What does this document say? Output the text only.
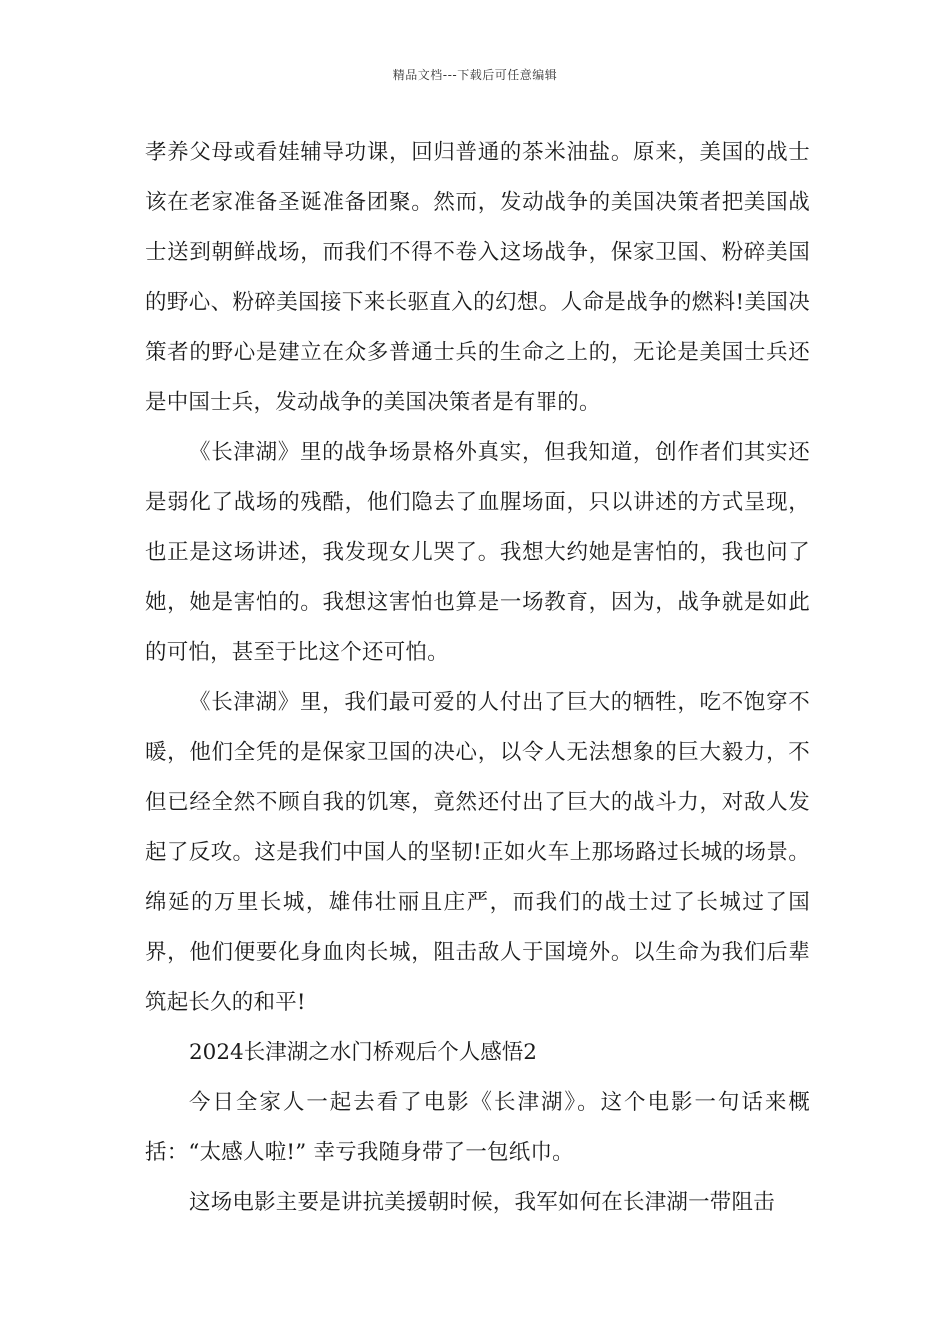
精品文档---下载后可任意编辑

孝养父母或看娃辅导功课，回归普通的茶米油盐。原来，美国的战士该在老家准备圣诞准备团聚。然而，发动战争的美国决策者把美国战士送到朝鲜战场，而我们不得不卷入这场战争，保家卫国、粉碎美国的野心、粉碎美国接下来长驱直入的幻想。人命是战争的燃料!美国决策者的野心是建立在众多普通士兵的生命之上的，无论是美国士兵还是中国士兵，发动战争的美国决策者是有罪的。

《长津湖》里的战争场景格外真实，但我知道，创作者们其实还是弱化了战场的残酷，他们隐去了血腥场面，只以讲述的方式呈现，也正是这场讲述，我发现女儿哭了。我想大约她是害怕的，我也问了她，她是害怕的。我想这害怕也算是一场教育，因为，战争就是如此的可怕，甚至于比这个还可怕。

《长津湖》里，我们最可爱的人付出了巨大的牺牲，吃不饱穿不暖，他们全凭的是保家卫国的决心，以令人无法想象的巨大毅力，不但已经全然不顾自我的饥寒，竟然还付出了巨大的战斗力，对敌人发起了反攻。这是我们中国人的坚韧!正如火车上那场路过长城的场景。绵延的万里长城，雄伟壮丽且庄严，而我们的战士过了长城过了国界，他们便要化身血肉长城，阻击敌人于国境外。以生命为我们后辈筑起长久的和平!

2024长津湖之水门桥观后个人感悟2

今日全家人一起去看了电影《长津湖》。这个电影一句话来概括：“太感人啦!” 幸亏我随身带了一包纸巾。

这场电影主要是讲抗美援朝时候，我军如何在长津湖一带阻击
